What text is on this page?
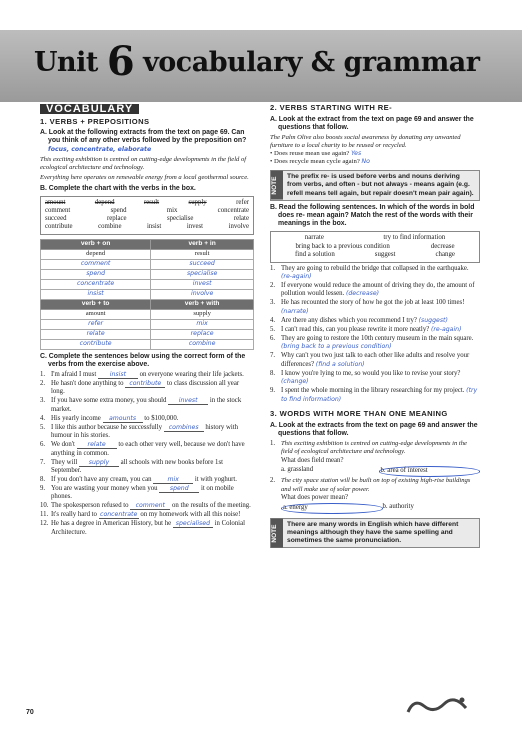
Unit 6 vocabulary & grammar
VOCABULARY
1. VERBS + PREPOSITIONS
A. Look at the following extracts from the text on page 69. Can you think of any other verbs followed by the preposition on? focus, concentrate, elaborate
This exciting exhibition is centred on cutting-edge developments in the field of ecological architecture and technology.
Everything here operates on renewable energy from a local geothermal source.
B. Complete the chart with the verbs in the box.
amount	depend	result	supply	refer
comment	spend	mix	concentrate
succeed	replace	specialise	relate
contribute	combine	insist	invest	involve
verb + on	verb + in
depend	result
comment	succeed
spend	specialise
concentrate	invest
insist	involve
verb + to	verb + with
amount	supply
refer	mix
relate	replace
contribute	combine
C. Complete the sentences below using the correct form of the verbs from the exercise above.
1. I'm afraid I must insist on everyone wearing their life jackets.
2. He hasn't done anything to contribute to class discussion all year long.
3. If you have some extra money, you should invest in the stock market.
4. His yearly income amounts to $100,000.
5. I like this author because he successfully combines history with humour in his stories.
6. We don't relate to each other very well, because we don't have anything in common.
7. They will supply all schools with new books before 1st September.
8. If you don't have any cream, you can	mix it with yoghurt.
9. You are wasting your money when you spend it on mobile phones.
10. The spokesperson refused to comment on the results of the meeting.
11. It's really hard to concentrate on my homework with all this noise!
12. He has a degree in American History, but he specialised in Colonial Architecture.
2. VERBS STARTING WITH RE-
A. Look at the extract from the text on page 69 and answer the questions that follow.
The Palm Olive also boosts social awareness by donating any unwanted furniture to a local charity to be reused or recycled.
• Does reuse mean use again? Yes
• Does recycle mean cycle again? No
NOTE	The prefix re- is used before verbs and nouns deriving from verbs, and often - but not always - means again (e.g. refell means tell again, but repair doesn't mean pair again).
B. Read the following sentences. In which of the words in bold does re- mean again? Match the rest of the words with their meanings in the box.
narrate	try to find information
bring back to a previous condition	decrease
find a solution	suggest	change
1. They are going to rebuild the bridge that collapsed in the earthquake. (re-again)
2. If everyone would reduce the amount of driving they do, the amount of pollution would lessen. (decrease)
3. He has recounted the story of how he got the job at least 100 times! (narrate)
4. Are there any dishes which you recommend I try? (suggest)
5. I can't read this, can you please rewrite it more neatly? (re-again)
6. They are going to restore the 10th century museum in the main square. (bring back to a previous condition)
7. Why can't you two just talk to each other like adults and resolve your differences? (find a solution)
8. I know you're lying to me, so would you like to revise your story? (change)
9. I spent the whole morning in the library researching for my project. (try to find information)
3. WORDS WITH MORE THAN ONE MEANING
A. Look at the extracts from the text on page 69 and answer the questions that follow.
1. This exciting exhibition is centred on cutting-edge developments in the field of ecological architecture and technology.
What does field mean?
a. grassland	b. area of interest
2. The city space station will be built on top of existing high-rise buildings and will make use of solar power.
What does power mean?
a. energy	b. authority
NOTE	There are many words in English which have different meanings although they have the same spelling and sometimes the same pronunciation.
70
